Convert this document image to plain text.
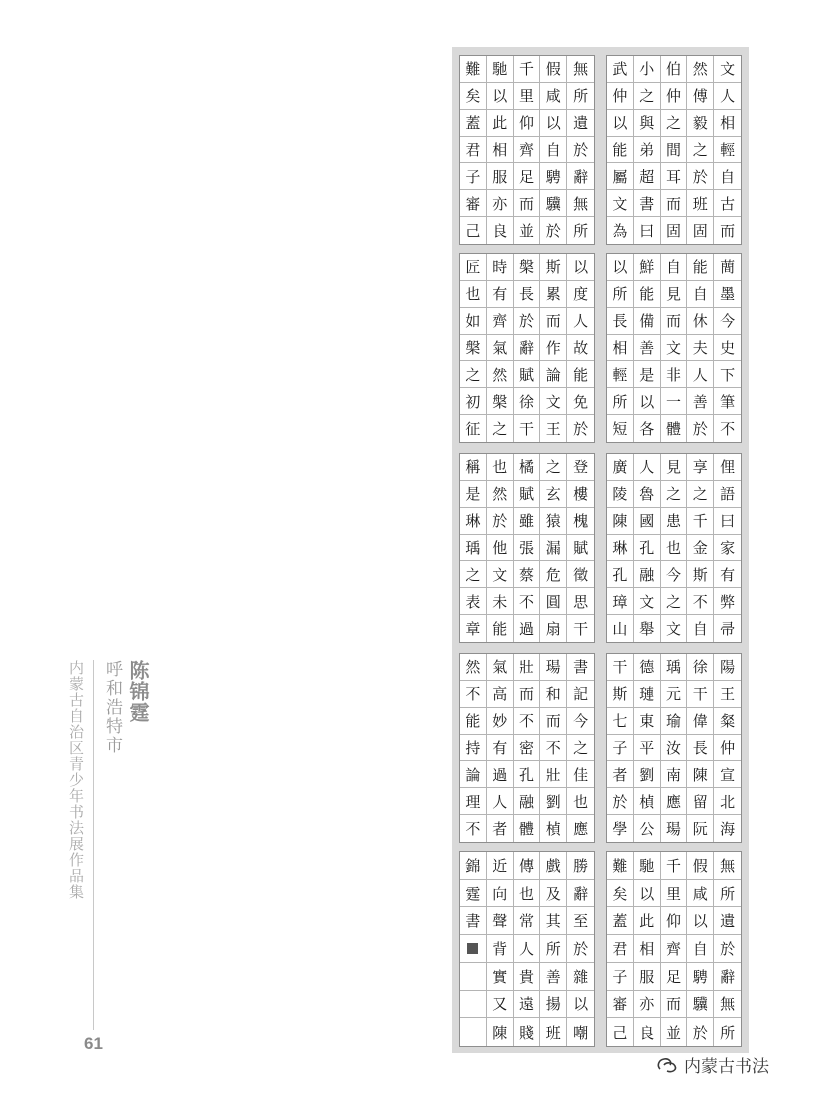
内蒙古自治区青少年书法展作品集 呼和浩特市 陈锦霆
61
難 馳 千 假 無
矣 以 里 咸 所
蓋 此 仰 以 遺
君 相 齊 自 於
子 服 足 騁 辭
審 亦 而 驥 無
己 良 並 於 所
武 小 伯 然 文
仲 之 仲 傅 人
以 與 之 毅 相
能 弟 間 之 輕
屬 超 耳 於 自
文 書 而 班 古
為 曰 固 固 而
匠 時 槃 斯 以
也 有 長 累 度
如 齊 於 而 人
槃 氣 辭 作 故
之 然 賦 論 能
初 槃 徐 文 免
征 之 干 王 於
以 鮮 自 能 蕳
所 能 見 自 墨
長 備 而 休 今
相 善 文 夫 史
輕 是 非 人 下
所 以 一 善 筆
短 各 體 於 不
稱 也 橘 之 登
是 然 賦 玄 樓
琳 於 雖 猿 槐
瑀 他 張 漏 賦
之 文 蔡 危 徵
表 未 不 圓 思
章 能 過 扇 干
廣 人 見 享 俚
陵 魯 之 之 語
陳 國 患 千 曰
琳 孔 也 金 家
孔 融 今 斯 有
璋 文 之 不 弊
山 舉 文 自 帚
然 氣 壯 瑒 書
不 高 而 和 記
能 妙 不 而 今
持 有 密 不 之
論 過 孔 壯 佳
理 人 融 劉 也
不 者 體 楨 應
干 德 瑀 徐 陽
斯 璉 元 干 王
七 東 瑜 偉 粲
子 平 汝 長 仲
者 劉 南 陳 宣
於 楨 應 留 北
學 公 瑒 阮 海
錦 近 傳 戲 勝
霆 向 也 及 辭
書 聲 常 其 至
背 人 所 於
實 貴 善 雜
又 遠 揚 以
陳 賤 班 嘲
難 馳 千 假 無
矣 以 里 咸 所
蓋 此 仰 以 遺
君 相 齊 自 於
子 服 足 騁 辭
審 亦 而 驥 無
己 良 並 於 所
内蒙古书法
